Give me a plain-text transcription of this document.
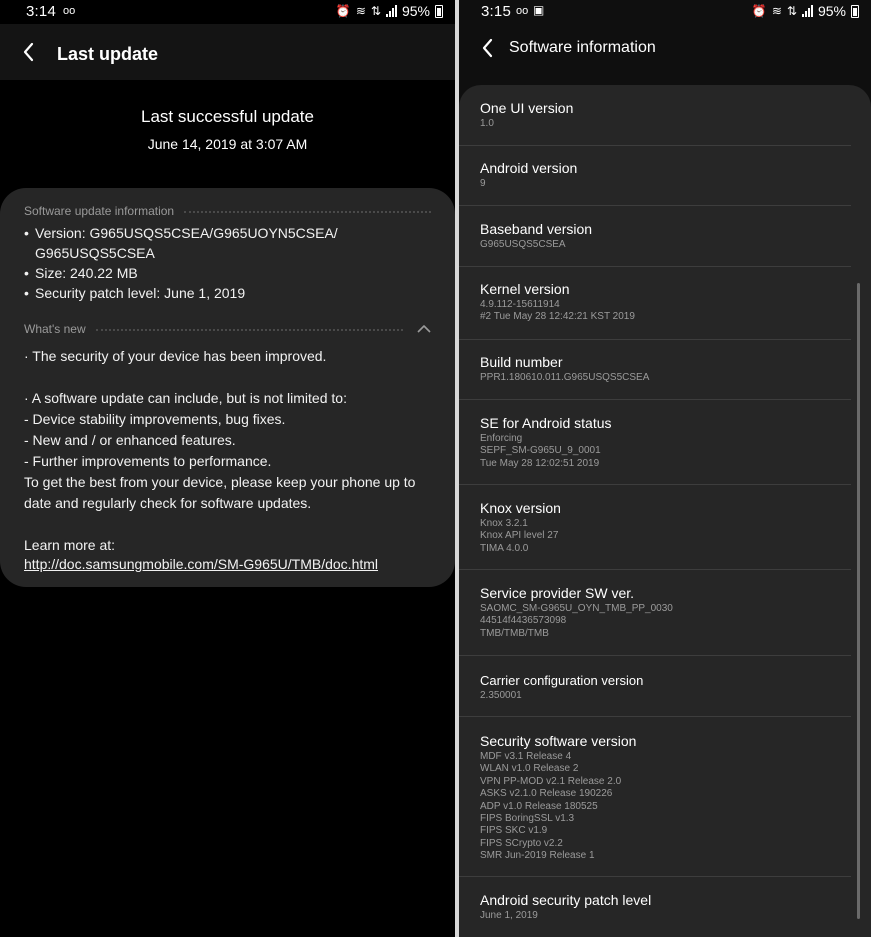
3:14 oo	⏰ ≋ ⇅ 95%
Last update
Last successful update
June 14, 2019 at 3:07 AM
Software update information
• Version: G965USQS5CSEA/G965UOYN5CSEA/
G965USQS5CSEA
• Size: 240.22 MB
• Security patch level: June 1, 2019
What's new
· The security of your device has been improved.

· A software update can include, but is not limited to:
- Device stability improvements, bug fixes.
- New and / or enhanced features.
- Further improvements to performance.
To get the best from your device, please keep your phone up to date and regularly check for software updates.

Learn more at:
http://doc.samsungmobile.com/SM-G965U/TMB/doc.html
3:15 oo ▣	⏰ ≋ ⇅ 95%
Software information
One UI version
1.0
Android version
9
Baseband version
G965USQS5CSEA
Kernel version
4.9.112-15611914
#2 Tue May 28 12:42:21 KST 2019
Build number
PPR1.180610.011.G965USQS5CSEA
SE for Android status
Enforcing
SEPF_SM-G965U_9_0001
Tue May 28 12:02:51 2019
Knox version
Knox 3.2.1
Knox API level 27
TIMA 4.0.0
Service provider SW ver.
SAOMC_SM-G965U_OYN_TMB_PP_0030
44514f4436573098
TMB/TMB/TMB
Carrier configuration version
2.350001
Security software version
MDF v3.1 Release 4
WLAN v1.0 Release 2
VPN PP-MOD v2.1 Release 2.0
ASKS v2.1.0 Release 190226
ADP v1.0 Release 180525
FIPS BoringSSL v1.3
FIPS SKC v1.9
FIPS SCrypto v2.2
SMR Jun-2019 Release 1
Android security patch level
June 1, 2019
